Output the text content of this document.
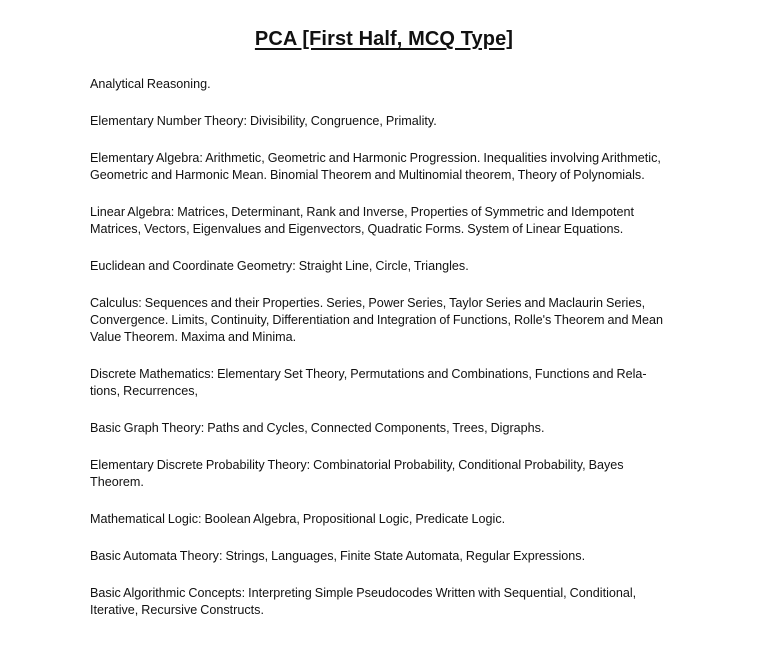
PCA [First Half, MCQ Type]

Analytical Reasoning.

Elementary Number Theory: Divisibility, Congruence, Primality.

Elementary Algebra: Arithmetic, Geometric and Harmonic Progression. Inequalities involving Arithmetic, Geometric and Harmonic Mean. Binomial Theorem and Multinomial theorem, Theory of Polynomials.

Linear Algebra: Matrices, Determinant, Rank and Inverse, Properties of Symmetric and Idempotent Matrices, Vectors, Eigenvalues and Eigenvectors, Quadratic Forms. System of Linear Equations.

Euclidean and Coordinate Geometry: Straight Line, Circle, Triangles.

Calculus: Sequences and their Properties. Series, Power Series, Taylor Series and Maclaurin Series, Convergence. Limits, Continuity, Differentiation and Integration of Functions, Rolle's Theorem and Mean Value Theorem. Maxima and Minima.

Discrete Mathematics: Elementary Set Theory, Permutations and Combinations, Functions and Relations, Recurrences,

Basic Graph Theory: Paths and Cycles, Connected Components, Trees, Digraphs.

Elementary Discrete Probability Theory: Combinatorial Probability, Conditional Probability, Bayes Theorem.

Mathematical Logic: Boolean Algebra, Propositional Logic, Predicate Logic.

Basic Automata Theory: Strings, Languages, Finite State Automata, Regular Expressions.

Basic Algorithmic Concepts: Interpreting Simple Pseudocodes Written with Sequential, Conditional, Iterative, Recursive Constructs.
